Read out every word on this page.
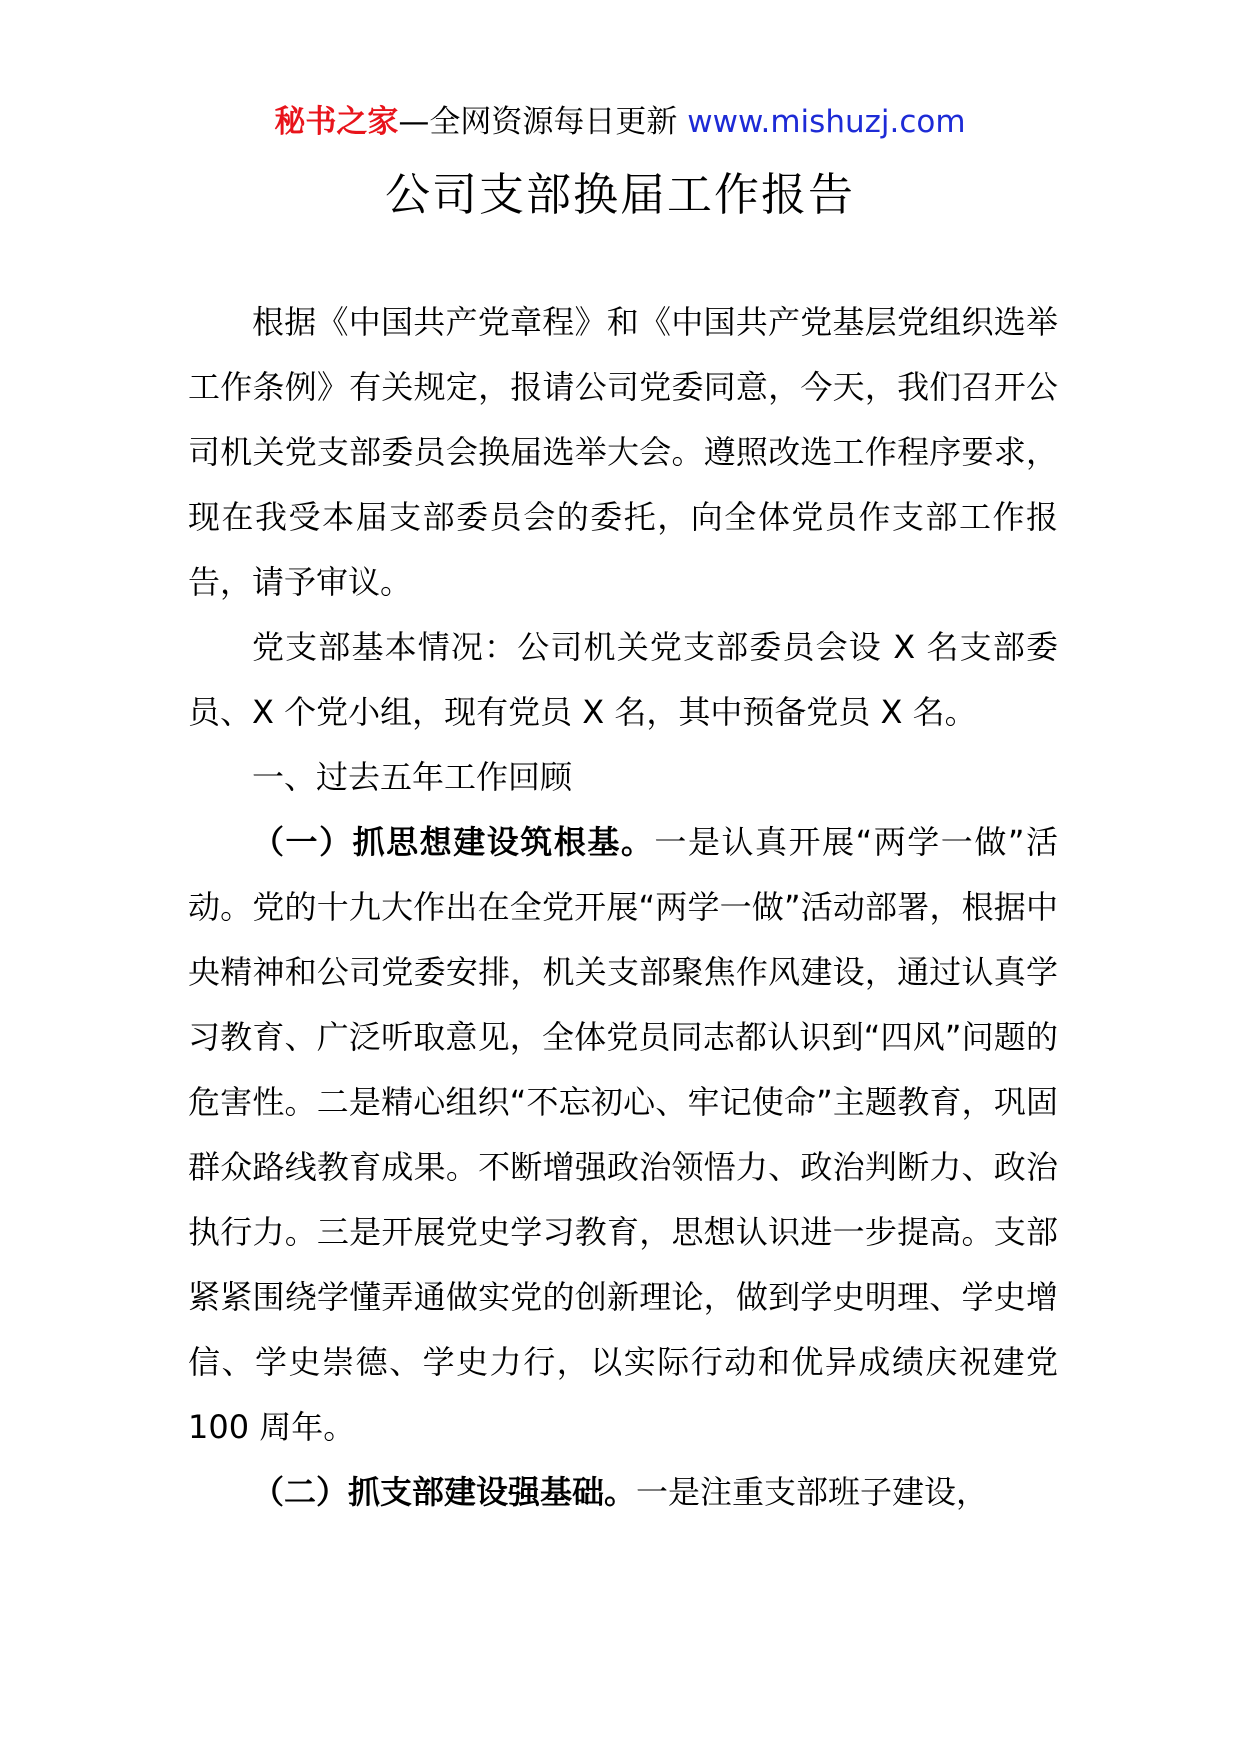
秘书之家—全网资源每日更新 www.mishuzj.com
公司支部换届工作报告

根据《中国共产党章程》和《中国共产党基层党组织选举工作条例》有关规定，报请公司党委同意，今天，我们召开公司机关党支部委员会换届选举大会。遵照改选工作程序要求，现在我受本届支部委员会的委托，向全体党员作支部工作报告，请予审议。

党支部基本情况：公司机关党支部委员会设 X 名支部委员、X 个党小组，现有党员 X 名，其中预备党员 X 名。

一、过去五年工作回顾

（一）抓思想建设筑根基。一是认真开展“两学一做”活动。党的十九大作出在全党开展“两学一做”活动部署，根据中央精神和公司党委安排，机关支部聚焦作风建设，通过认真学习教育、广泛听取意见，全体党员同志都认识到“四风”问题的危害性。二是精心组织“不忘初心、牢记使命”主题教育，巩固群众路线教育成果。不断增强政治领悟力、政治判断力、政治执行力。三是开展党史学习教育，思想认识进一步提高。支部紧紧围绕学懂弄通做实党的创新理论，做到学史明理、学史增信、学史崇德、学史力行，以实际行动和优异成绩庆祝建党 100 周年。

（二）抓支部建设强基础。一是注重支部班子建设，
